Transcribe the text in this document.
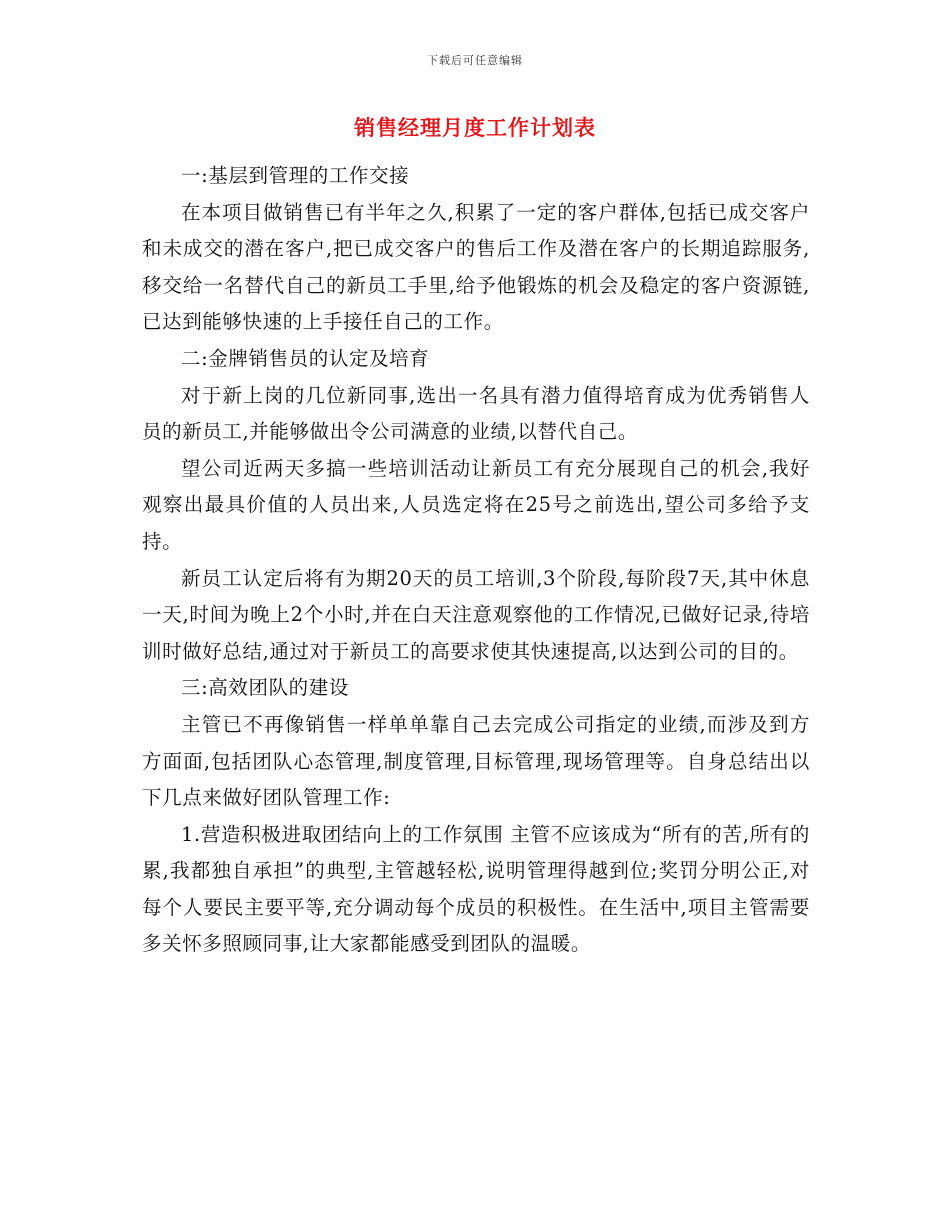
下载后可任意编辑
销售经理月度工作计划表

一:基层到管理的工作交接

在本项目做销售已有半年之久,积累了一定的客户群体,包括已成交客户和未成交的潜在客户,把已成交客户的售后工作及潜在客户的长期追踪服务,移交给一名替代自己的新员工手里,给予他锻炼的机会及稳定的客户资源链,已达到能够快速的上手接任自己的工作。

二:金牌销售员的认定及培育

对于新上岗的几位新同事,选出一名具有潜力值得培育成为优秀销售人员的新员工,并能够做出令公司满意的业绩,以替代自己。

望公司近两天多搞一些培训活动让新员工有充分展现自己的机会,我好观察出最具价值的人员出来,人员选定将在25号之前选出,望公司多给予支持。

新员工认定后将有为期20天的员工培训,3个阶段,每阶段7天,其中休息一天,时间为晚上2个小时,并在白天注意观察他的工作情况,已做好记录,待培训时做好总结,通过对于新员工的高要求使其快速提高,以达到公司的目的。

三:高效团队的建设

主管已不再像销售一样单单靠自己去完成公司指定的业绩,而涉及到方方面面,包括团队心态管理,制度管理,目标管理,现场管理等。自身总结出以下几点来做好团队管理工作:

1.营造积极进取团结向上的工作氛围 主管不应该成为“所有的苦,所有的累,我都独自承担”的典型,主管越轻松,说明管理得越到位;奖罚分明公正,对每个人要民主要平等,充分调动每个成员的积极性。在生活中,项目主管需要多关怀多照顾同事,让大家都能感受到团队的温暖。
